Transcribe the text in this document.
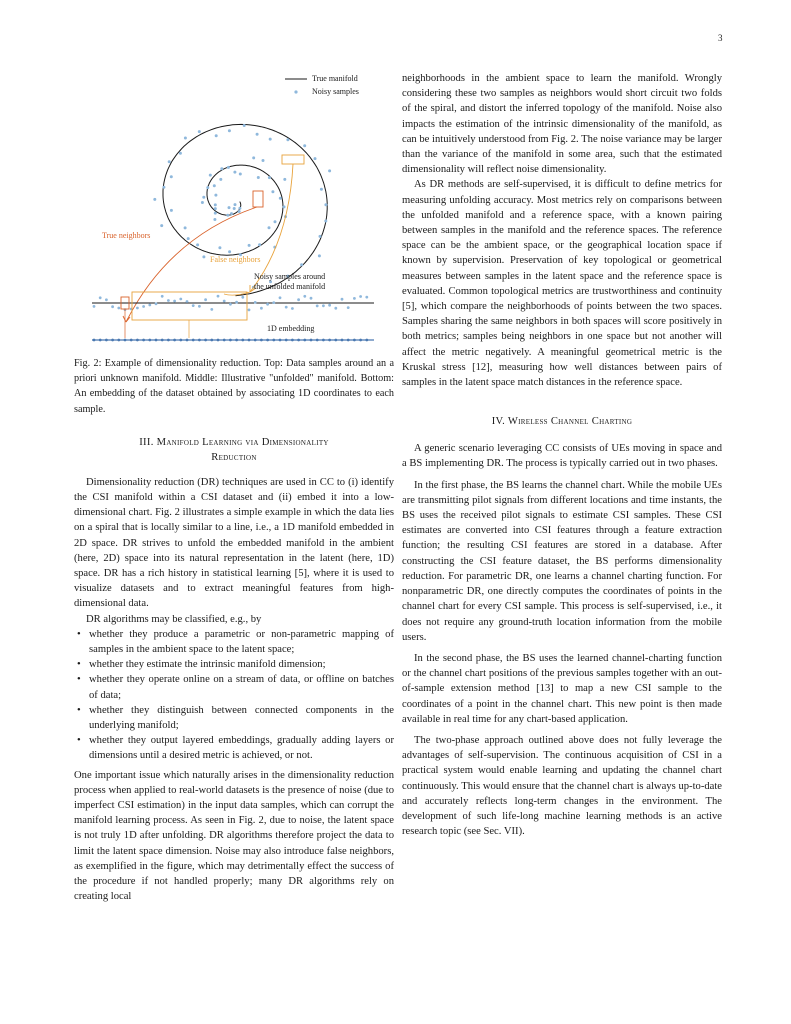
3
True manifold
Noisy samples
True neighbors
False neighbors
Noisy samples around
the unfolded manifold
1D embedding

Fig. 2: Example of dimensionality reduction. Top: Data samples around an a priori unknown manifold. Middle: Illustrative "unfolded" manifold. Bottom: An embedding of the dataset obtained by associating 1D coordinates to each sample.

III. Manifold Learning via Dimensionality
Reduction

Dimensionality reduction (DR) techniques are used in CC to (i) identify the CSI manifold within a CSI dataset and (ii) embed it into a low-dimensional chart. Fig. 2 illustrates a simple example in which the data lies on a spiral that is locally similar to a line, i.e., a 1D manifold embedded in 2D space. DR strives to unfold the embedded manifold in the ambient (here, 2D) space into its natural representation in the latent (here, 1D) space. DR has a rich history in statistical learning [5], where it is used to visualize datasets and to extract meaningful features from high-dimensional data.

DR algorithms may be classified, e.g., by

• whether they produce a parametric or non-parametric mapping of samples in the ambient space to the latent space;
• whether they estimate the intrinsic manifold dimension;
• whether they operate online on a stream of data, or offline on batches of data;
• whether they distinguish between connected components in the underlying manifold;
• whether they output layered embeddings, gradually adding layers or dimensions until a desired metric is achieved, or not.

One important issue which naturally arises in the dimensionality reduction process when applied to real-world datasets is the presence of noise (due to imperfect CSI estimation) in the input data samples, which can corrupt the manifold learning process. As seen in Fig. 2, due to noise, the latent space is not truly 1D after unfolding. DR algorithms therefore project the data to limit the latent space dimension. Noise may also introduce false neighbors, as exemplified in the figure, which may detrimentally effect the success of the procedure if not handled properly; many DR algorithms rely on creating local

neighborhoods in the ambient space to learn the manifold. Wrongly considering these two samples as neighbors would short circuit two folds of the spiral, and distort the inferred topology of the manifold. Noise also impacts the estimation of the intrinsic dimensionality of the manifold, as can be intuitively understood from Fig. 2. The noise variance may be larger than the variance of the manifold in some area, such that the estimated dimensionality will reflect noise dimensionality.

As DR methods are self-supervised, it is difficult to define metrics for measuring unfolding accuracy. Most metrics rely on comparisons between the unfolded manifold and a reference space, with a known pairing between samples in the manifold and the reference spaces. The reference space can be the ambient space, or the geographical location space if known by supervision. Preservation of key topological or geometrical measures between samples in the latent space and the reference space is evaluated. Common topological metrics are trustworthiness and continuity [5], which compare the neighborhoods of points between the two spaces. Samples sharing the same neighbors in both spaces will score positively in both metrics; samples being neighbors in one space but not another will affect the metric negatively. A meaningful geometrical metric is the Kruskal stress [12], measuring how well distances between pairs of samples in the latent space match distances in the reference space.

IV. Wireless Channel Charting

A generic scenario leveraging CC consists of UEs moving in space and a BS implementing DR. The process is typically carried out in two phases.

In the first phase, the BS learns the channel chart. While the mobile UEs are transmitting pilot signals from different locations and time instants, the BS uses the received pilot signals to estimate CSI samples. These CSI estimates are converted into CSI features through a feature extraction function; the resulting CSI features are stored in a database. After constructing the CSI feature dataset, the BS performs dimensionality reduction. For parametric DR, one learns a channel charting function. For nonparametric DR, one directly computes the coordinates of points in the channel chart for every CSI sample. This process is self-supervised, i.e., it does not require any ground-truth location information from the mobile users.

In the second phase, the BS uses the learned channel-charting function or the channel chart positions of the previous samples together with an out-of-sample extension method [13] to map a new CSI sample to the coordinates of a point in the channel chart. This new point is then made available in real time for any chart-based application.

The two-phase approach outlined above does not fully leverage the advantages of self-supervision. The continuous acquisition of CSI in a practical system would enable learning and updating the channel chart continuously. This would ensure that the channel chart is always up-to-date and accurately reflects long-term changes in the environment. The development of such life-long machine learning methods is an active research topic (see Sec. VII).
